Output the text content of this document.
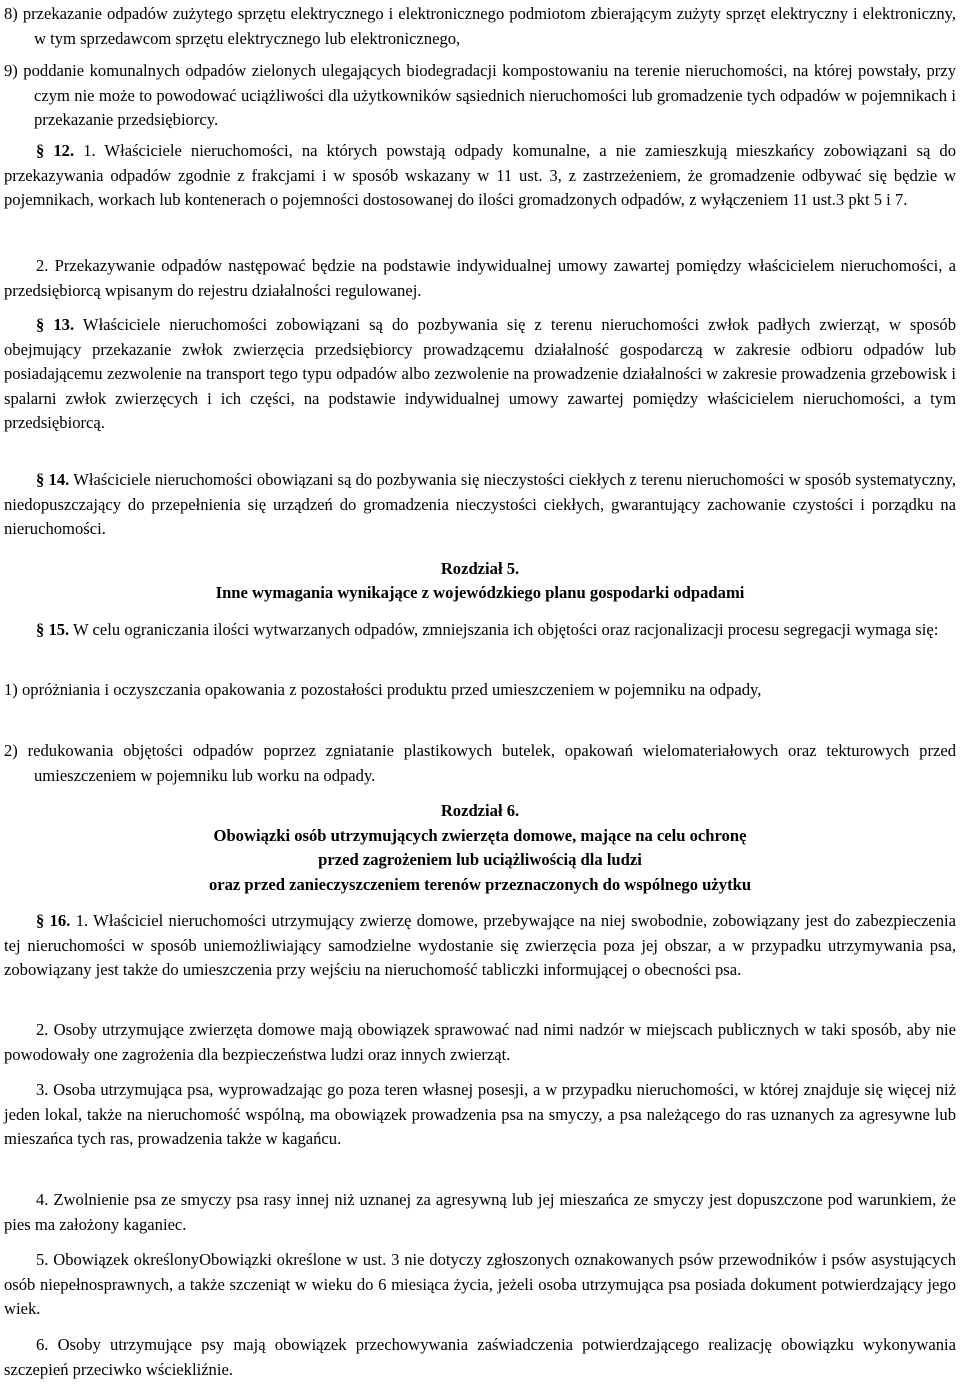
8) przekazanie odpadów zużytego sprzętu elektrycznego i elektronicznego podmiotom zbierającym zużyty sprzęt elektryczny i elektroniczny, w tym sprzedawcom sprzętu elektrycznego lub elektronicznego,
9) poddanie komunalnych odpadów zielonych ulegających biodegradacji kompostowaniu na terenie nieruchomości, na której powstały, przy czym nie może to powodować uciążliwości dla użytkowników sąsiednich nieruchomości lub gromadzenie tych odpadów w pojemnikach i przekazanie przedsiębiorcy.
§ 12. 1. Właściciele nieruchomości, na których powstają odpady komunalne, a nie zamieszkują mieszkańcy zobowiązani są do przekazywania odpadów zgodnie z frakcjami i w sposób wskazany w 11 ust. 3, z zastrzeżeniem, że gromadzenie odbywać się będzie w pojemnikach, workach lub kontenerach o pojemności dostosowanej do ilości gromadzonych odpadów, z wyłączeniem 11 ust.3 pkt 5 i 7.
2. Przekazywanie odpadów następować będzie na podstawie indywidualnej umowy zawartej pomiędzy właścicielem nieruchomości, a przedsiębiorcą wpisanym do rejestru działalności regulowanej.
§ 13. Właściciele nieruchomości zobowiązani są do pozbywania się z terenu nieruchomości zwłok padłych zwierząt, w sposób obejmujący przekazanie zwłok zwierzęcia przedsiębiorcy prowadzącemu działalność gospodarczą w zakresie odbioru odpadów lub posiadającemu zezwolenie na transport tego typu odpadów albo zezwolenie na prowadzenie działalności w zakresie prowadzenia grzebowisk i spalarni zwłok zwierzęcych i ich części, na podstawie indywidualnej umowy zawartej pomiędzy właścicielem nieruchomości, a tym przedsiębiorcą.
§ 14. Właściciele nieruchomości obowiązani są do pozbywania się nieczystości ciekłych z terenu nieruchomości w sposób systematyczny, niedopuszczający do przepełnienia się urządzeń do gromadzenia nieczystości ciekłych, gwarantujący zachowanie czystości i porządku na nieruchomości.
Rozdział 5.
Inne wymagania wynikające z wojewódzkiego planu gospodarki odpadami
§ 15. W celu ograniczania ilości wytwarzanych odpadów, zmniejszania ich objętości oraz racjonalizacji procesu segregacji wymaga się:
1) opróżniania i oczyszczania opakowania z pozostałości produktu przed umieszczeniem w pojemniku na odpady,
2) redukowania objętości odpadów poprzez zgniatanie plastikowych butelek, opakowań wielomateriałowych oraz tekturowych przed umieszczeniem w pojemniku lub worku na odpady.
Rozdział 6.
Obowiązki osób utrzymujących zwierzęta domowe, mające na celu ochronę
przed zagrożeniem lub uciążliwością dla ludzi
oraz przed zanieczyszczeniem terenów przeznaczonych do wspólnego użytku
§ 16. 1. Właściciel nieruchomości utrzymujący zwierzę domowe, przebywające na niej swobodnie, zobowiązany jest do zabezpieczenia tej nieruchomości w sposób uniemożliwiający samodzielne wydostanie się zwierzęcia poza jej obszar, a w przypadku utrzymywania psa, zobowiązany jest także do umieszczenia przy wejściu na nieruchomość tabliczki informującej o obecności psa.
2. Osoby utrzymujące zwierzęta domowe mają obowiązek sprawować nad nimi nadzór w miejscach publicznych w taki sposób, aby nie powodowały one zagrożenia dla bezpieczeństwa ludzi oraz innych zwierząt.
3. Osoba utrzymująca psa, wyprowadzając go poza teren własnej posesji, a w przypadku nieruchomości, w której znajduje się więcej niż jeden lokal, także na nieruchomość wspólną, ma obowiązek prowadzenia psa na smyczy, a psa należącego do ras uznanych za agresywne lub mieszańca tych ras, prowadzenia także w kagańcu.
4. Zwolnienie psa ze smyczy psa rasy innej niż uznanej za agresywną lub jej mieszańca ze smyczy jest dopuszczone pod warunkiem, że pies ma założony kaganiec.
5. Obowiązek określonyObowiązki określone w ust. 3 nie dotyczy zgłoszonych oznakowanych psów przewodników i psów asystujących osób niepełnosprawnych, a także szczeniąt w wieku do 6 miesiąca życia, jeżeli osoba utrzymująca psa posiada dokument potwierdzający jego wiek.
6. Osoby utrzymujące psy mają obowiązek przechowywania zaświadczenia potwierdzającego realizację obowiązku wykonywania szczepień przeciwko wściekliźnie.
